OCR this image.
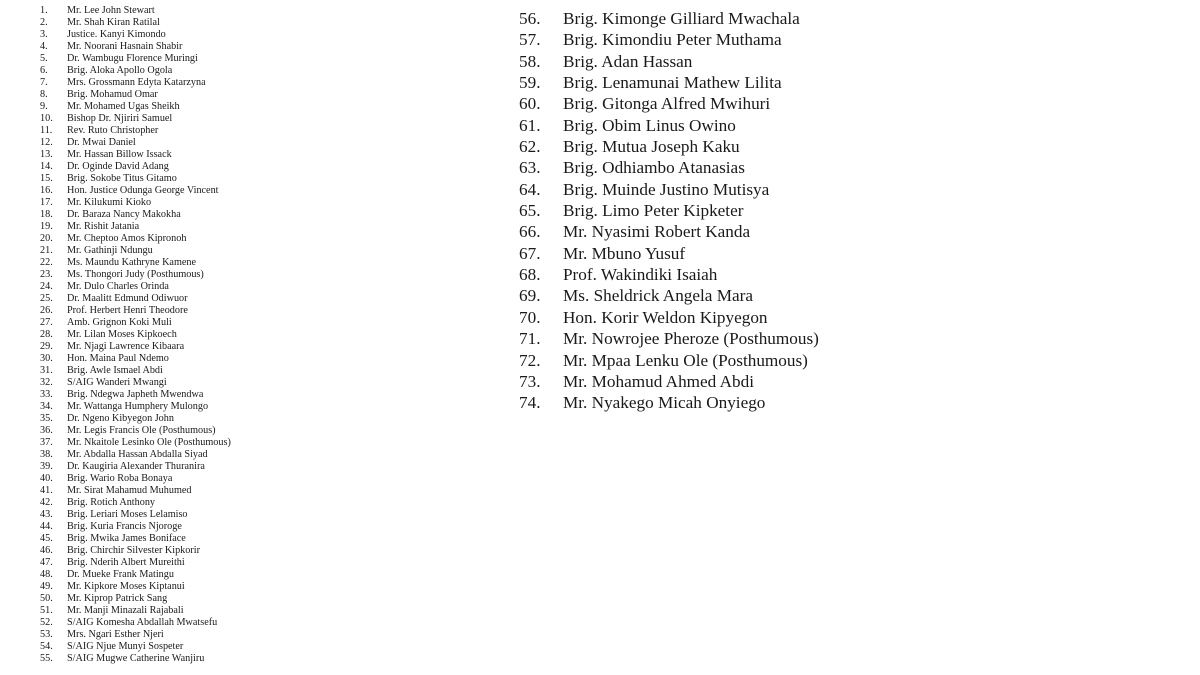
1.	Mr. Lee John Stewart
2.	Mr. Shah Kiran Ratilal
3.	Justice. Kanyi Kimondo
4.	Mr. Noorani Hasnain Shabir
5.	Dr. Wambugu Florence Muringi
6.	Brig. Aloka Apollo Ogola
7.	Mrs. Grossmann Edyta Katarzyna
8.	Brig. Mohamud Omar
9.	Mr. Mohamed Ugas Sheikh
10.	Bishop Dr. Njiriri Samuel
11.	Rev. Ruto Christopher
12.	Dr. Mwai Daniel
13.	Mr. Hassan Billow Issack
14.	Dr. Oginde David Adang
15.	Brig. Sokobe Titus Gitamo
16.	Hon. Justice Odunga George Vincent
17.	Mr. Kilukumi Kioko
18.	Dr. Baraza Nancy Makokha
19.	Mr. Rishit Jatania
20.	Mr. Cheptoo Amos Kipronoh
21.	Mr. Gathinji Ndungu
22.	Ms. Maundu Kathryne Kamene
23.	Ms. Thongori Judy (Posthumous)
24.	Mr. Dulo Charles Orinda
25.	Dr. Maalitt Edmund Odiwuor
26.	Prof. Herbert Henri Theodore
27.	Amb. Grignon Koki Muli
28.	Mr. Lilan Moses Kipkoech
29.	Mr. Njagi Lawrence Kibaara
30.	Hon. Maina Paul Ndemo
31.	Brig. Awle Ismael Abdi
32.	S/AIG Wanderi Mwangi
33.	Brig. Ndegwa Japheth Mwendwa
34.	Mr. Wattanga Humphery Mulongo
35.	Dr. Ngeno Kibyegon John
36.	Mr. Legis Francis Ole (Posthumous)
37.	Mr. Nkaitole Lesinko Ole (Posthumous)
38.	Mr. Abdalla Hassan Abdalla Siyad
39.	Dr. Kaugiria Alexander Thuranira
40.	Brig. Wario Roba Bonaya
41.	Mr. Sirat Mahamud Muhumed
42.	Brig. Rotich Anthony
43.	Brig. Leriari Moses Lelamiso
44.	Brig. Kuria Francis Njoroge
45.	Brig. Mwika James Boniface
46.	Brig. Chirchir Silvester Kipkorir
47.	Brig. Nderih Albert Mureithi
48.	Dr. Mueke Frank Matingu
49.	Mr. Kipkore Moses Kiptanui
50.	Mr. Kiprop Patrick Sang
51.	Mr. Manji Minazali Rajabali
52.	S/AIG Komesha Abdallah Mwatsefu
53.	Mrs. Ngari Esther Njeri
54.	S/AIG Njue Munyi Sospeter
55.	S/AIG Mugwe Catherine Wanjiru
56.	Brig. Kimonge Gilliard Mwachala
57.	Brig. Kimondiu Peter Muthama
58.	Brig. Adan Hassan
59.	Brig. Lenamunai Mathew Lilita
60.	Brig. Gitonga Alfred Mwihuri
61.	Brig. Obim Linus Owino
62.	Brig. Mutua Joseph Kaku
63.	Brig. Odhiambo Atanasias
64.	Brig. Muinde Justino Mutisya
65.	Brig. Limo Peter Kipketer
66.	Mr. Nyasimi Robert Kanda
67.	Mr. Mbuno Yusuf
68.	Prof. Wakindiki Isaiah
69.	Ms. Sheldrick Angela Mara
70.	Hon. Korir Weldon Kipyegon
71.	Mr. Nowrojee Pheroze (Posthumous)
72.	Mr. Mpaa Lenku Ole (Posthumous)
73.	Mr. Mohamud Ahmed Abdi
74.	Mr. Nyakego Micah Onyiego
